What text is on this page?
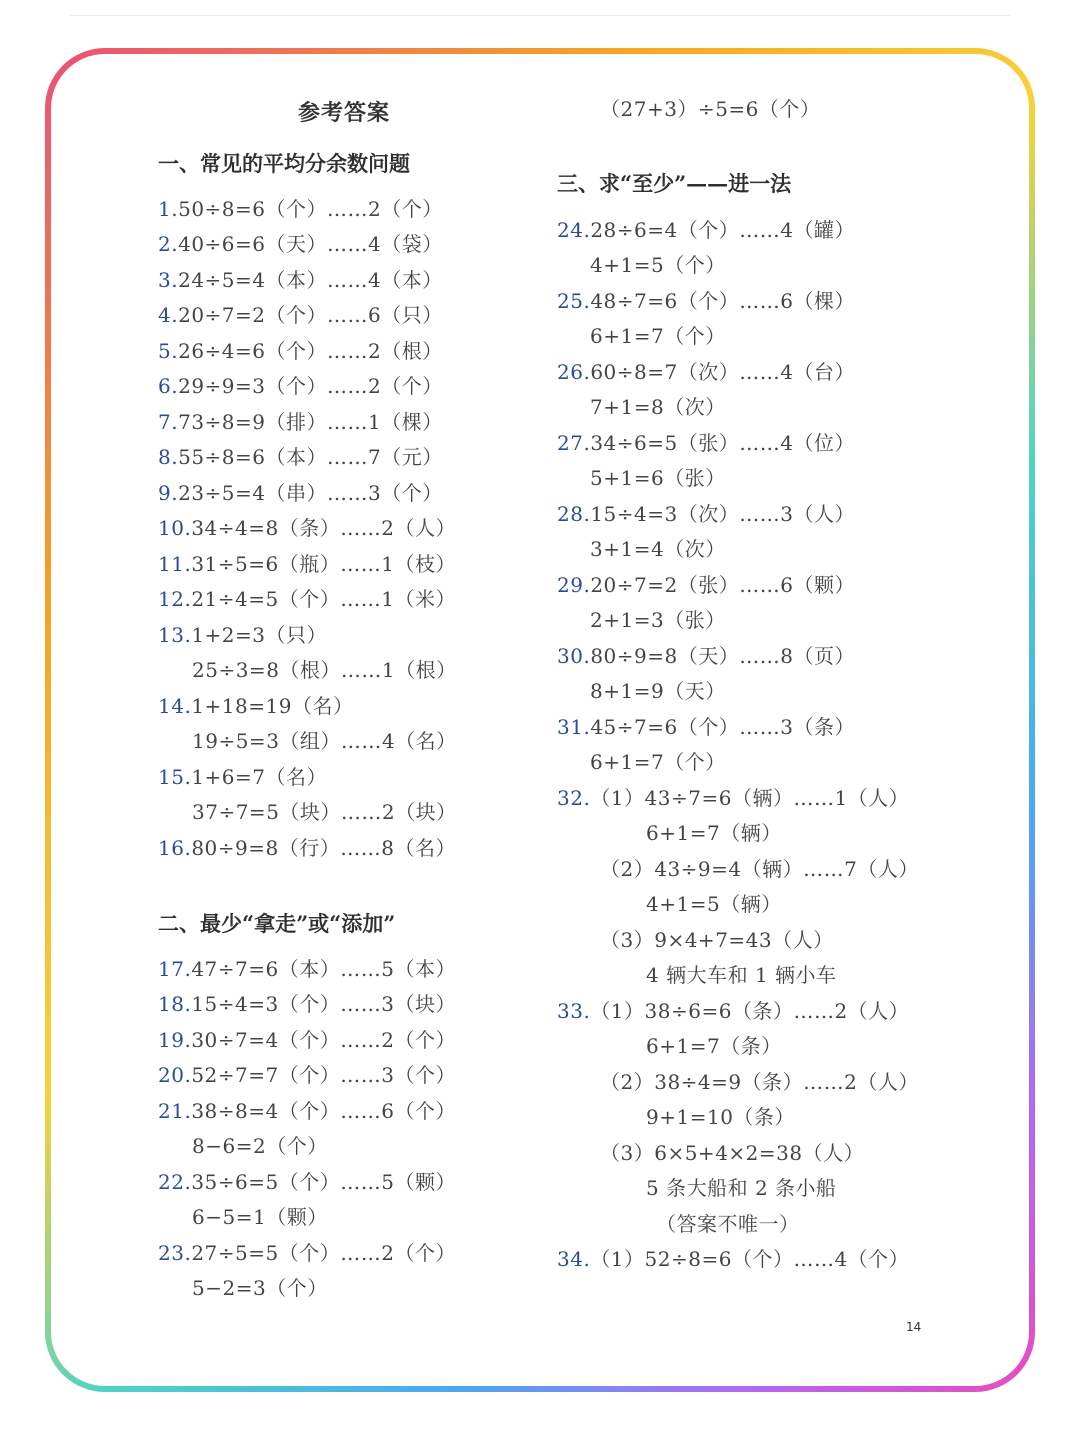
参考答案
一、常见的平均分余数问题
二、最少“拿走”或“添加”
三、求“至少”——进一法
1.50÷8=6（个）……2（个）
2.40÷6=6（天）……4（袋）
3.24÷5=4（本）……4（本）
4.20÷7=2（个）……6（只）
5.26÷4=6（个）……2（根）
6.29÷9=3（个）……2（个）
7.73÷8=9（排）……1（棵）
8.55÷8=6（本）……7（元）
9.23÷5=4（串）……3（个）
10.34÷4=8（条）……2（人）
11.31÷5=6（瓶）……1（枝）
12.21÷4=5（个）……1（米）
13.1+2=3（只）
25÷3=8（根）……1（根）
14.1+18=19（名）
19÷5=3（组）……4（名）
15.1+6=7（名）
37÷7=5（块）……2（块）
16.80÷9=8（行）……8（名）
17.47÷7=6（本）……5（本）
18.15÷4=3（个）……3（块）
19.30÷7=4（个）……2（个）
20.52÷7=7（个）……3（个）
21.38÷8=4（个）……6（个）
8−6=2（个）
22.35÷6=5（个）……5（颗）
6−5=1（颗）
23.27÷5=5（个）……2（个）
5−2=3（个）
（27+3）÷5=6（个）
24.28÷6=4（个）……4（罐）
4+1=5（个）
25.48÷7=6（个）……6（棵）
6+1=7（个）
26.60÷8=7（次）……4（台）
7+1=8（次）
27.34÷6=5（张）……4（位）
5+1=6（张）
28.15÷4=3（次）……3（人）
3+1=4（次）
29.20÷7=2（张）……6（颗）
2+1=3（张）
30.80÷9=8（天）……8（页）
8+1=9（天）
31.45÷7=6（个）……3（条）
6+1=7（个）
32.（1）43÷7=6（辆）……1（人）
6+1=7（辆）
（2）43÷9=4（辆）……7（人）
4+1=5（辆）
（3）9×4+7=43（人）
4 辆大车和 1 辆小车
33.（1）38÷6=6（条）……2（人）
6+1=7（条）
（2）38÷4=9（条）……2（人）
9+1=10（条）
（3）6×5+4×2=38（人）
5 条大船和 2 条小船
（答案不唯一）
34.（1）52÷8=6（个）……4（个）
14
